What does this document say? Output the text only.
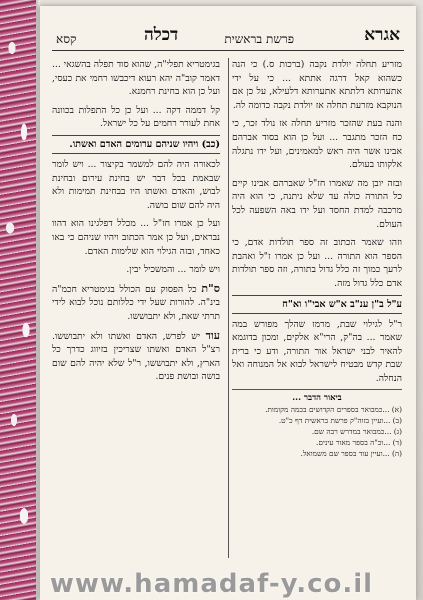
אגרא
פרשת בראשית
דכלה
קסא

מזריע תחלה יולדת נקבה (ברכות ס.) כי הנה כשהוא קאל דרגה אתתא ... כי על ידי אתערותא דלתתא אתערותא דלעילא, על כן אם הנוקבא מזרעת תחלה אז יולדת נקבה כדומה לה.

והנה בעת שהזכר מזריע תחלה אז נולד זכר, כי כח הזכר מתגבר ... ועל כן הוא בסוד אברהם אבינו אשר היה ראש למאמינים, ועל ידו נתגלה אלקותו בעולם.

ובזה יובן מה שאמרו חז"ל שאברהם אבינו קיים כל התורה כולה עד שלא ניתנה, כי הוא היה מרכבה למדת החסד ועל ידו באה השפעה לכל העולם.

וזהו שאמר הכתוב זה ספר תולדות אדם, כי הספר הוא התורה ... ועל כן אמרו ז"ל ואהבת לרעך כמוך זה כלל גדול בתורה, וזה ספר תולדות אדם כלל גדול מזה.

ע"ל ב"ן ענ"ב א"ש אבי"ו וא"ח

ר"ל לגילוי שבת, מרמז שהלך מפורש במה שאמר ... בה"ק, הרי"א אלקים, ומכון בדוגמא להאיר לבני ישראל אור התורה, ודע כי ברית שבת קדש מבטיח לישראל לבוא אל המנוחה ואל הנחלה.

ביאור הדבר ...

(א) ...כמבואר בספרים הקדושים בכמה מקומות.

(ב) ...ועיין בזוה"ק פרשת בראשית דף כ"ט.

(ג) ...כמבואר במדרש רבה שם.

(ד) ...וכ"ה בספר מאור עינים.

(ה) ...ועיין עוד בספר שם משמואל.

בגימטריא תפלי"ה, שהוא סוד תפלה בהשגאי ... דאמר קוב"ה יהא רעוא דיכבשו רחמי את כעסי, ועל כן הוא בחינת רחמנא.

קל דממה דקה ... ועל כן כל התפלות בכוונה אחת לעורר רחמים על כל ישראל.

(כב) ויהיו שניהם ערומים האדם ואשתו.

לכאורה היה להם למשמר בקיצור ... ויש לומר שבאמת בכל דבר יש בחינת עירום ובחינת לבוש, והאדם ואשתו היו בבחינת תמימות ולא היה להם שום בושה.

ועל כן אמרו חז"ל ... מכלל דפלגינו הוא דהוו נבראים, ועל כן אמר הכתוב ויהיו שניהם כי באו כאחד, ובזה הגילוי הוא שלימות האדם.

ויש לומר ... והמשכיל יבין.

ס"ת כל הפסוק עם הכולל בגימטריא חכמ"ה בינ"ה. להורות שעל ידי כללותם נוכל לבוא לידי תרתי שאת, ולא יתבוששו.

עוד יש לפרש, האדם ואשתו ולא יתבוששו. רצ"ל האדם ואשתו שצריכין בזיווג כדרך כל הארץ, ולא יתבוששו, ר"ל שלא יהיה להם שום בושה ובושת פנים.

www.hamadaf-y.co.il
